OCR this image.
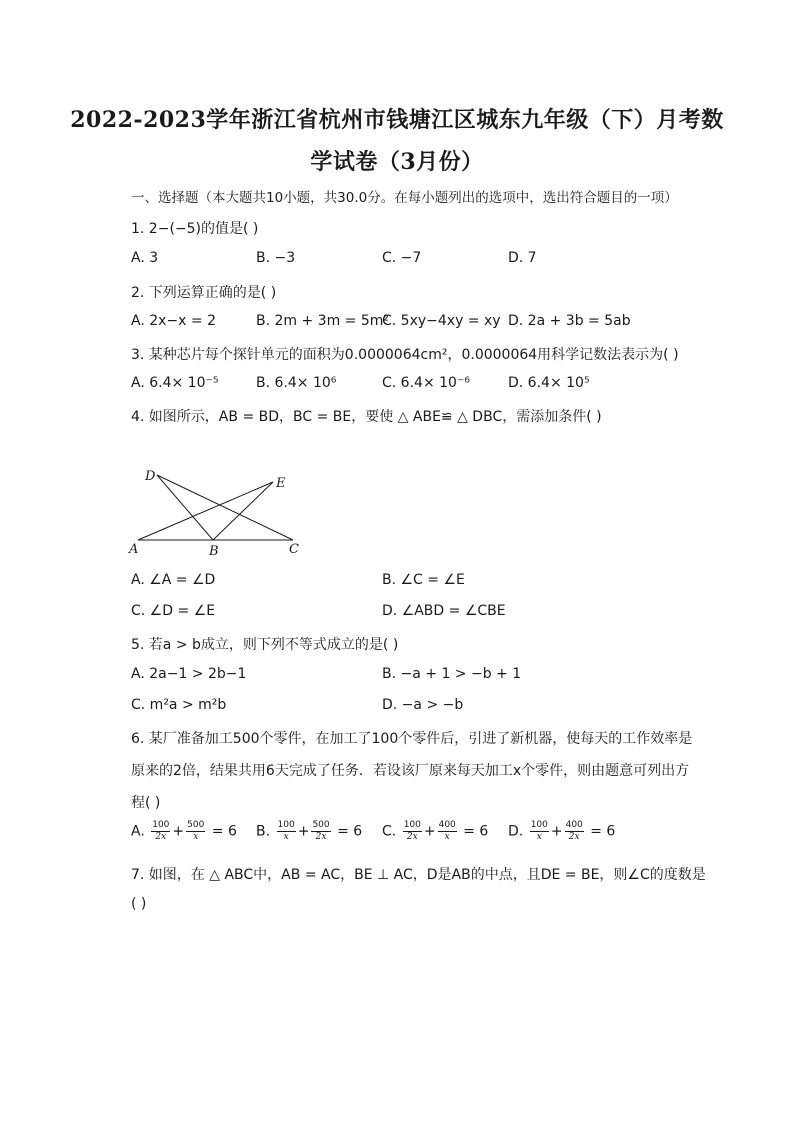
2022-2023学年浙江省杭州市钱塘江区城东九年级（下）月考数
学试卷（3月份）
一、选择题（本大题共10小题，共30.0分。在每小题列出的选项中，选出符合题目的一项）
1. 2−(−5)的值是( )
A. 3	B. −3	C. −7	D. 7
2. 下列运算正确的是( )
A. 2x−x = 2	B. 2m + 3m = 5m²
C. 5xy−4xy = xy D. 2a + 3b = 5ab
3. 某种芯片每个探针单元的面积为0.0000064cm²，0.0000064用科学记数法表示为( )
A. 6.4× 10⁻⁵	B. 6.4× 10⁶	C. 6.4× 10⁻⁶	D. 6.4× 10⁵
4. 如图所示，AB = BD，BC = BE，要使 △ ABE≌ △ DBC，需添加条件( )
D	E
A	B	C
A. ∠A = ∠D	B. ∠C = ∠E
C. ∠D = ∠E	D. ∠ABD = ∠CBE
5. 若a > b成立，则下列不等式成立的是( )
A. 2a−1 > 2b−1	B. −a + 1 > −b + 1
C. m²a > m²b	D. −a > −b
6. 某厂准备加工500个零件，在加工了100个零件后，引进了新机器，使每天的工作效率是
原来的2倍，结果共用6天完成了任务．若设该厂原来每天加工x个零件，则由题意可列出方
程( )
A. $\frac{100}{2x} + \frac{500}{x} = 6$ B. $\frac{100}{x} + \frac{500}{2x} = 6$ C. $\frac{100}{2x} + \frac{400}{x} = 6$ D. $\frac{100}{x} + \frac{400}{2x} = 6$
7. 如图，在 △ ABC中，AB = AC，BE ⊥ AC，D是AB的中点，且DE = BE，则∠C的度数是
( )
